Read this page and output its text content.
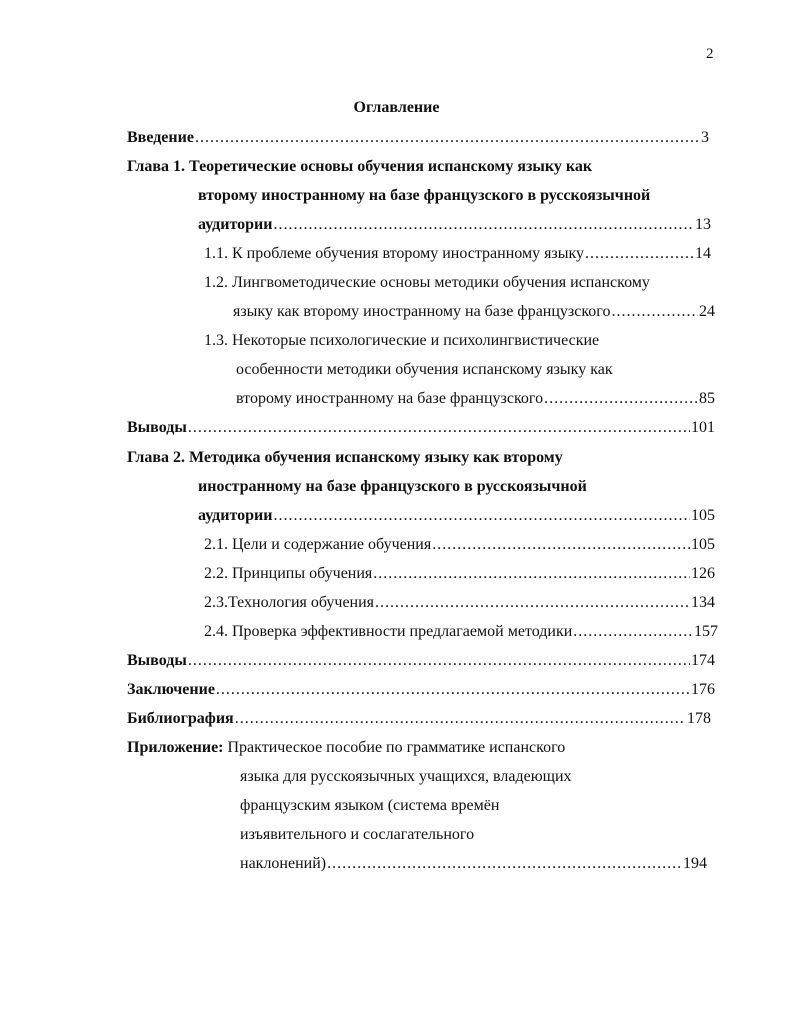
2
Оглавление
Введение .....	3
Глава 1. Теоретические основы обучения испанскому языку как
второму иностранному на базе французского в русскоязычной
аудитории .....	13
1.1. К проблеме обучения второму иностранному языку .....	14
1.2. Лингвометодические основы методики обучения испанскому
языку как второму иностранному на базе французского .....	24
1.3. Некоторые психологические и психолингвистические
особенности методики обучения испанскому языку как
второму иностранному на базе французского .....	85
Выводы .....	101
Глава 2. Методика обучения испанскому языку как второму
иностранному на базе французского в русскоязычной
аудитории .....	105
2.1. Цели и содержание обучения .....	105
2.2. Принципы обучения .....	126
2.3.Технология обучения .....	134
2.4. Проверка эффективности предлагаемой методики .....	157
Выводы .....	174
Заключение .....	176
Библиография .....	178
Приложение: Практическое пособие по грамматике испанского
языка для русскоязычных учащихся, владеющих
французским языком (система времён
изъявительного и сослагательного
наклонений) .....	194
